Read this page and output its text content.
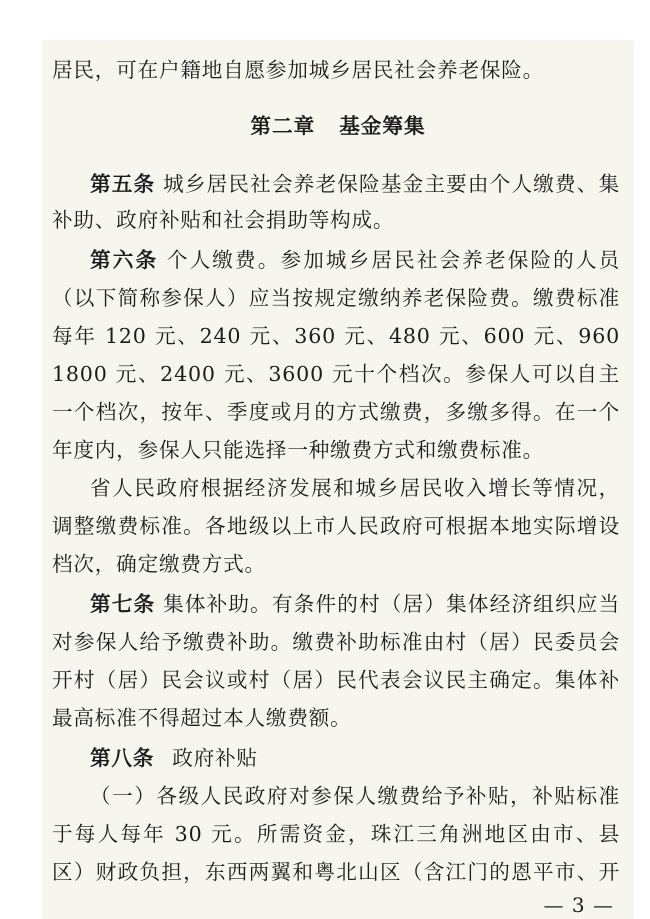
居民，可在户籍地自愿参加城乡居民社会养老保险。
第二章 基金筹集
第五条 城乡居民社会养老保险基金主要由个人缴费、集
补助、政府补贴和社会捐助等构成。
第六条 个人缴费。参加城乡居民社会养老保险的人员
（以下简称参保人）应当按规定缴纳养老保险费。缴费标准
每年 120 元、240 元、360 元、480 元、600 元、960
1800 元、2400 元、3600 元十个档次。参保人可以自主
一个档次，按年、季度或月的方式缴费，多缴多得。在一个
年度内，参保人只能选择一种缴费方式和缴费标准。
省人民政府根据经济发展和城乡居民收入增长等情况，
调整缴费标准。各地级以上市人民政府可根据本地实际增设
档次，确定缴费方式。
第七条 集体补助。有条件的村（居）集体经济组织应当
对参保人给予缴费补助。缴费补助标准由村（居）民委员会
开村（居）民会议或村（居）民代表会议民主确定。集体补
最高标准不得超过本人缴费额。
第八条 政府补贴
（一）各级人民政府对参保人缴费给予补贴，补贴标准
于每人每年 30 元。所需资金，珠江三角洲地区由市、县
区）财政负担，东西两翼和粤北山区（含江门的恩平市、开
— 3 —
